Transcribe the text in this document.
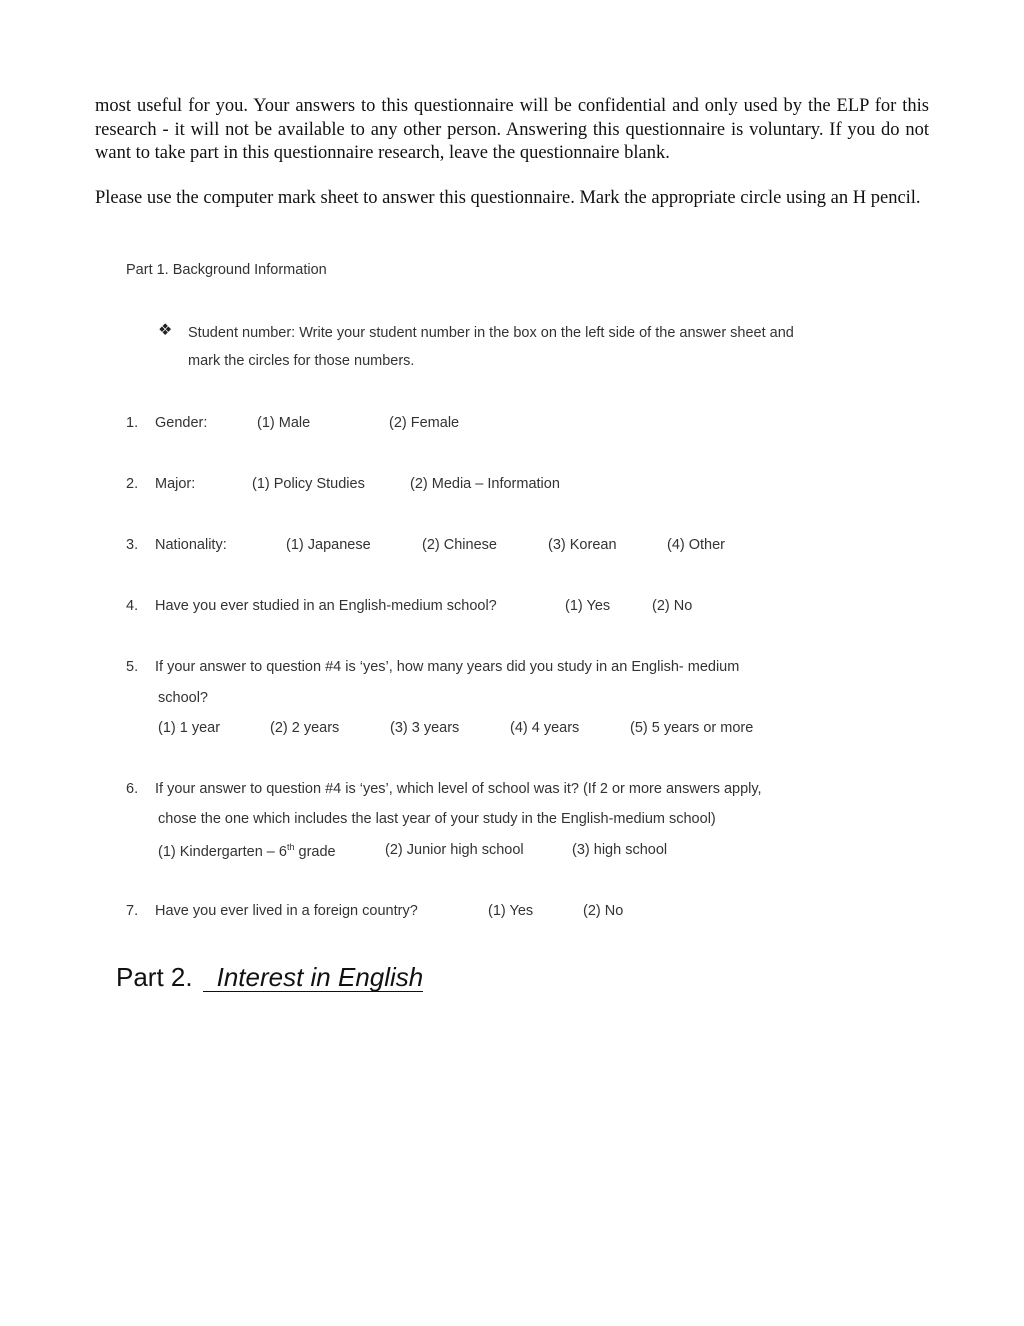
most useful for you. Your answers to this questionnaire will be confidential and only used by the ELP for this research - it will not be available to any other person. Answering this questionnaire is voluntary. If you do not want to take part in this questionnaire research, leave the questionnaire blank.

Please use the computer mark sheet to answer this questionnaire. Mark the appropriate circle using an H pencil.

Part 1. Background Information
❖ Student number: Write your student number in the box on the left side of the answer sheet and
mark the circles for those numbers.
1. Gender:	(1) Male	(2) Female
2. Major:	(1) Policy Studies	(2) Media – Information
3. Nationality:	(1) Japanese	(2) Chinese	(3) Korean	(4) Other
4. Have you ever studied in an English-medium school?	(1) Yes	(2) No
5. If your answer to question #4 is ‘yes’, how many years did you study in an English- medium
school?
(1) 1 year	(2) 2 years	(3) 3 years	(4) 4 years	(5) 5 years or more
6. If your answer to question #4 is ‘yes’, which level of school was it? (If 2 or more answers apply,
chose the one which includes the last year of your study in the English-medium school)
(1) Kindergarten – 6th grade	(2) Junior high school	(3) high school
7. Have you ever lived in a foreign country?	(1) Yes	(2) No
Part 2. Interest in English
